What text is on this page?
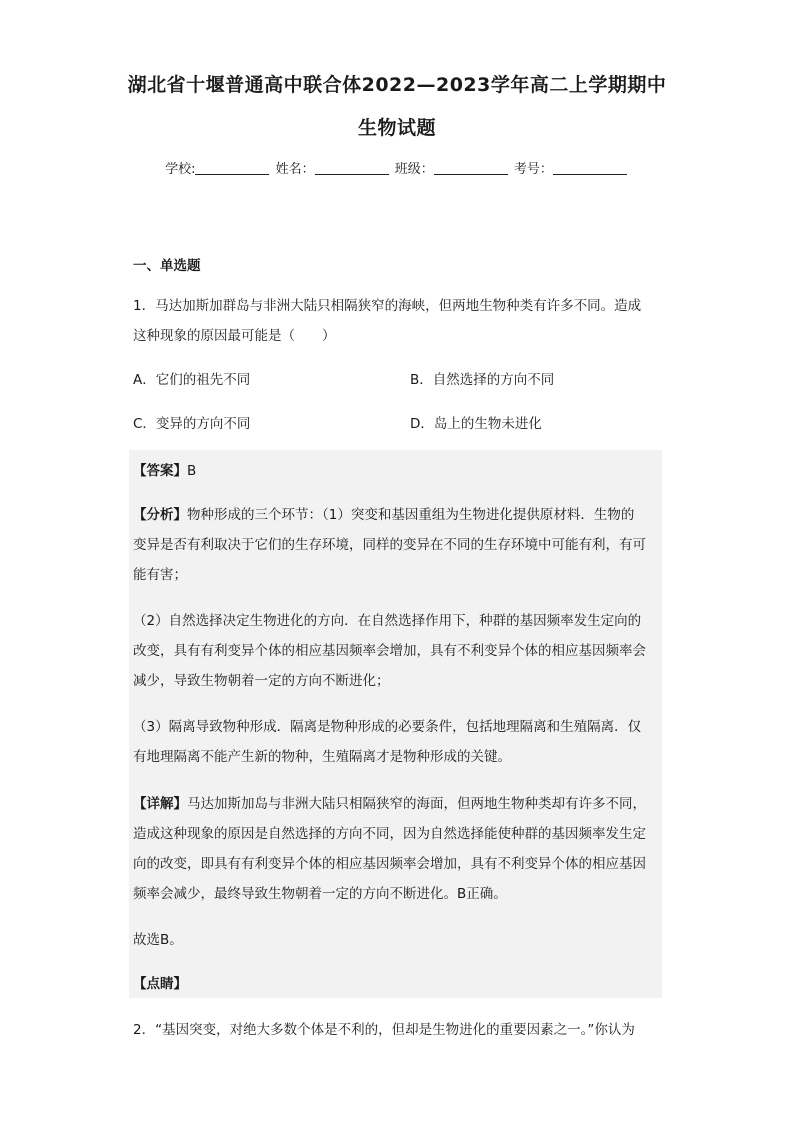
湖北省十堰普通高中联合体2022—2023学年高二上学期期中
生物试题
学校:	姓名：	班级：	考号：
一、单选题
1．马达加斯加群岛与非洲大陆只相隔狭窄的海峡，但两地生物种类有许多不同。造成
这种现象的原因最可能是（　　）
A．它们的祖先不同	B．自然选择的方向不同
C．变异的方向不同	D．岛上的生物未进化
【答案】B
【分析】物种形成的三个环节：（1）突变和基因重组为生物进化提供原材料．生物的
变异是否有利取决于它们的生存环境，同样的变异在不同的生存环境中可能有利，有可
能有害；
（2）自然选择决定生物进化的方向．在自然选择作用下，种群的基因频率发生定向的
改变，具有有利变异个体的相应基因频率会增加，具有不利变异个体的相应基因频率会
减少，导致生物朝着一定的方向不断进化；
（3）隔离导致物种形成．隔离是物种形成的必要条件，包括地理隔离和生殖隔离．仅
有地理隔离不能产生新的物种，生殖隔离才是物种形成的关键。
【详解】马达加斯加岛与非洲大陆只相隔狭窄的海面，但两地生物种类却有许多不同，
造成这种现象的原因是自然选择的方向不同，因为自然选择能使种群的基因频率发生定
向的改变，即具有有利变异个体的相应基因频率会增加，具有不利变异个体的相应基因
频率会减少，最终导致生物朝着一定的方向不断进化。B正确。
故选B。
【点睛】
2．“基因突变，对绝大多数个体是不利的，但却是生物进化的重要因素之一。”你认为
